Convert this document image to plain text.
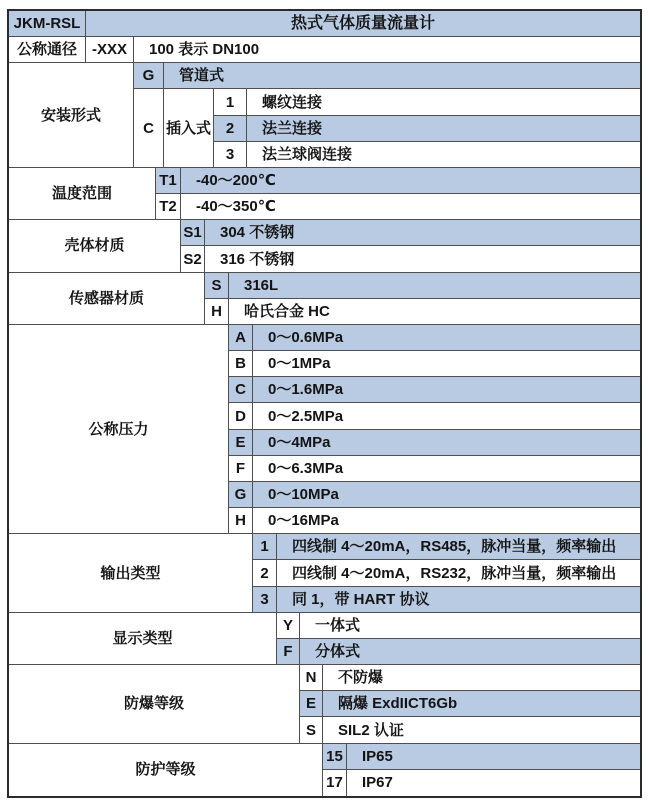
JKM-RSL	热式气体质量流量计
公称通径 -XXX	100 表示 DN100
安装形式
G	管道式
C 插入式
1	螺纹连接
2	法兰连接
3	法兰球阀连接
温度范围
T1	-40～200℃
T2	-40～350℃
壳体材质
S1	304 不锈钢
S2	316 不锈钢
传感器材质
S	316L
H	哈氏合金 HC
公称压力
A	0～0.6MPa
B	0～1MPa
C	0～1.6MPa
D	0～2.5MPa
E	0～4MPa
F	0～6.3MPa
G	0～10MPa
H	0～16MPa
输出类型
1	四线制 4～20mA，RS485，脉冲当量，频率输出
2	四线制 4～20mA，RS232，脉冲当量，频率输出
3	同 1，带 HART 协议
显示类型
Y	一体式
F	分体式
防爆等级
N	不防爆
E	隔爆 ExdIICT6Gb
S	SIL2 认证
防护等级
15	IP65
17	IP67
